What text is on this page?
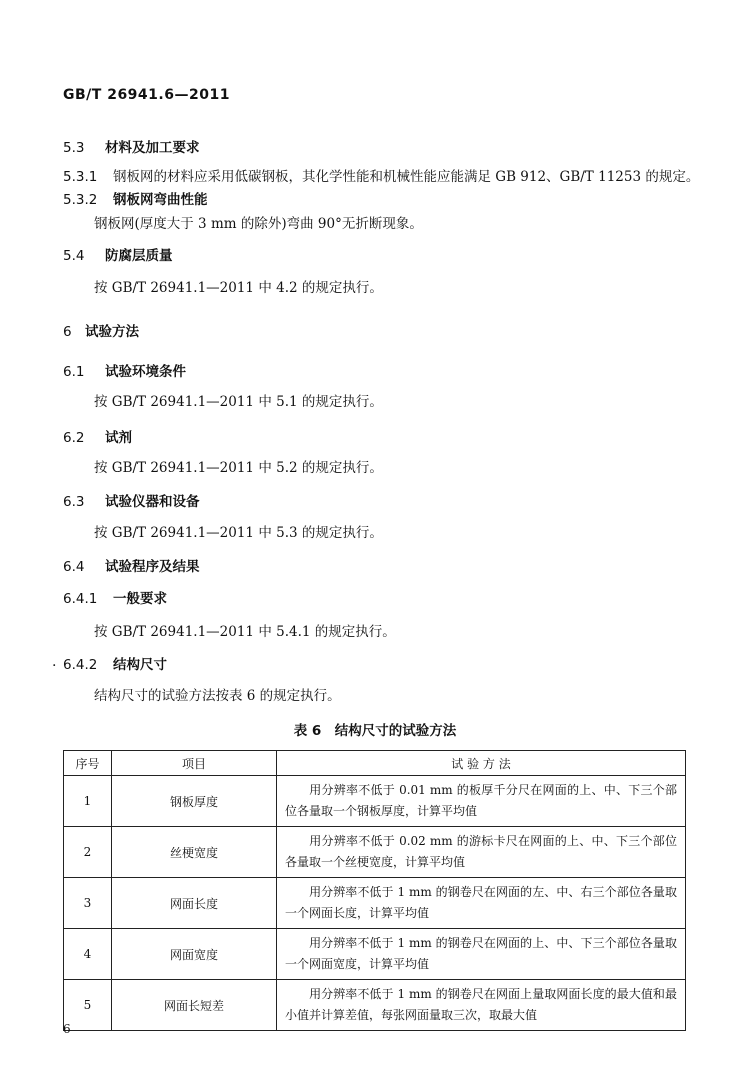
GB/T 26941.6—2011
5.3 材料及加工要求
5.3.1 钢板网的材料应采用低碳钢板，其化学性能和机械性能应能满足 GB 912、GB/T 11253 的规定。
5.3.2 钢板网弯曲性能
钢板网(厚度大于 3 mm 的除外)弯曲 90°无折断现象。
5.4 防腐层质量
按 GB/T 26941.1—2011 中 4.2 的规定执行。
6 试验方法
6.1 试验环境条件
按 GB/T 26941.1—2011 中 5.1 的规定执行。
6.2 试剂
按 GB/T 26941.1—2011 中 5.2 的规定执行。
6.3 试验仪器和设备
按 GB/T 26941.1—2011 中 5.3 的规定执行。
6.4 试验程序及结果
6.4.1 一般要求
按 GB/T 26941.1—2011 中 5.4.1 的规定执行。
. 6.4.2 结构尺寸
结构尺寸的试验方法按表 6 的规定执行。
表 6　结构尺寸的试验方法
序号	项目	试 验 方 法
1	钢板厚度	用分辨率不低于 0.01 mm 的板厚千分尺在网面的上、中、下三个部位各量取一个钢板厚度，计算平均值
2	丝梗宽度	用分辨率不低于 0.02 mm 的游标卡尺在网面的上、中、下三个部位各量取一个丝梗宽度，计算平均值
3	网面长度	用分辨率不低于 1 mm 的钢卷尺在网面的左、中、右三个部位各量取一个网面长度，计算平均值
4	网面宽度	用分辨率不低于 1 mm 的钢卷尺在网面的上、中、下三个部位各量取一个网面宽度，计算平均值
5	网面长短差	用分辨率不低于 1 mm 的钢卷尺在网面上量取网面长度的最大值和最小值并计算差值，每张网面量取三次，取最大值
6
